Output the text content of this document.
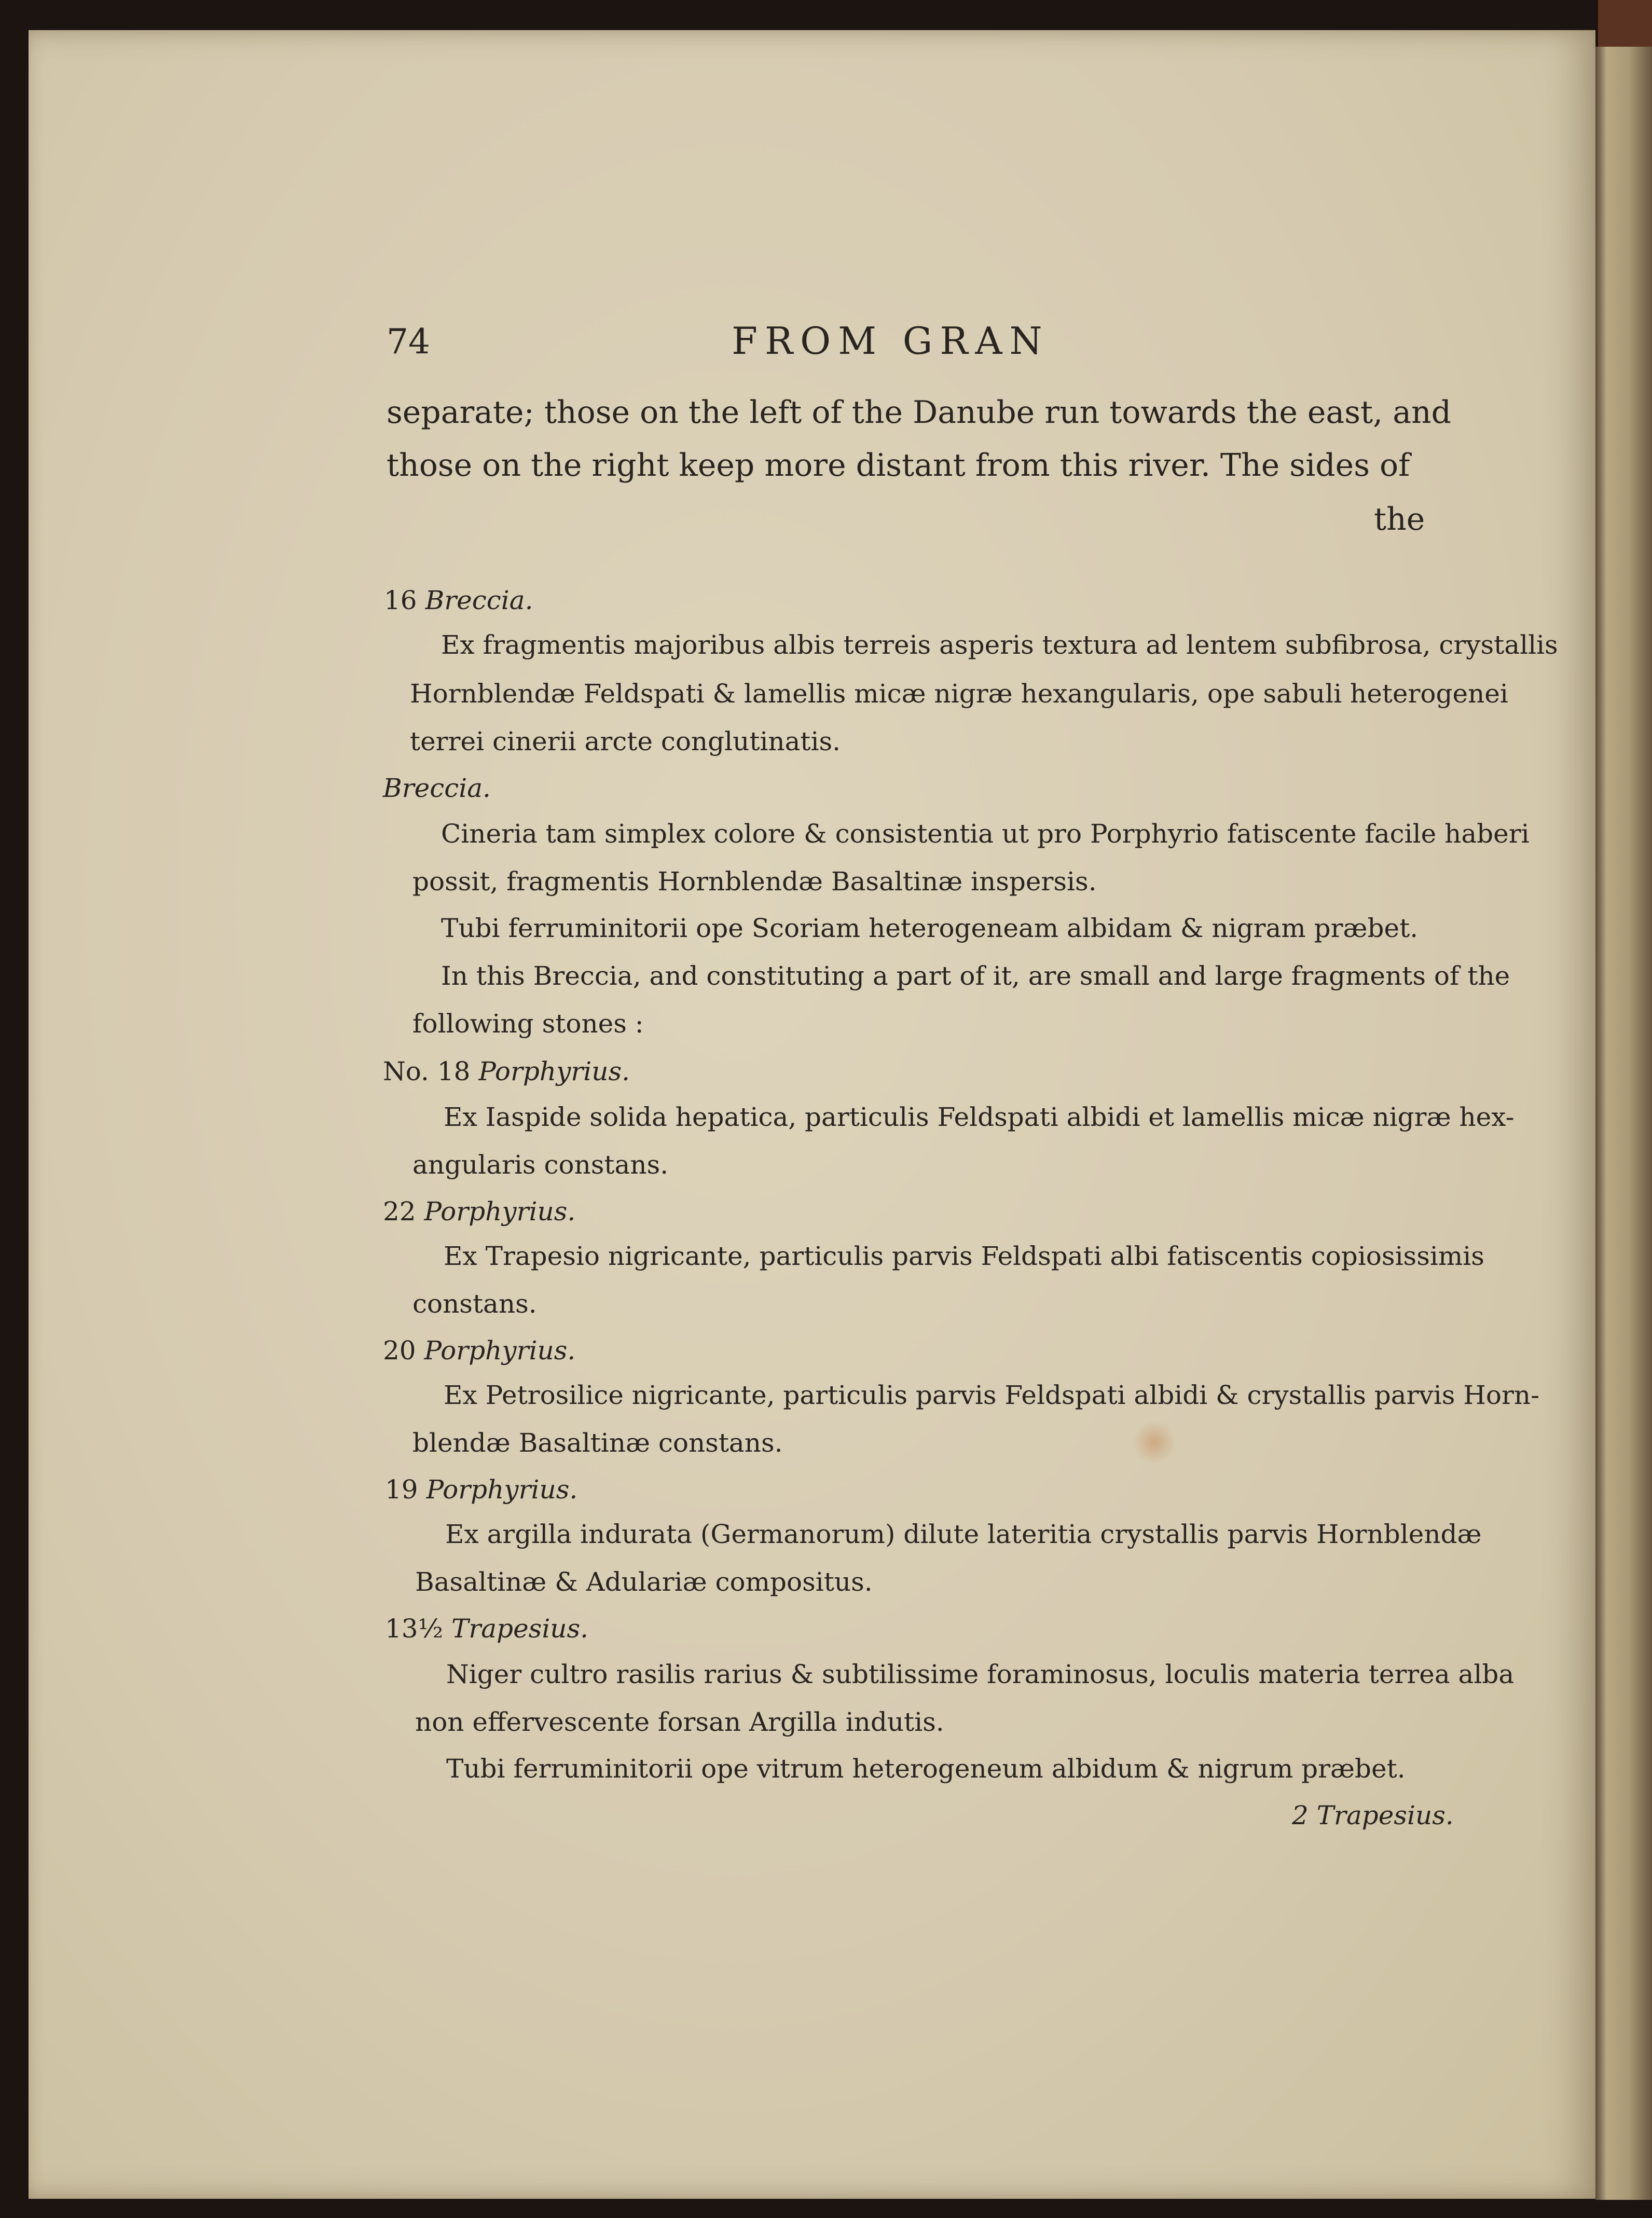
74	FROM GRAN
separate; those on the left of the Danube run towards the east, and
those on the right keep more distant from this river. The sides of
the
16 Breccia.
Ex fragmentis majoribus albis terreis asperis textura ad lentem subfibrosa, crystallis
Hornblendæ Feldspati & lamellis micæ nigræ hexangularis, ope sabuli heterogenei
terrei cinerii arcte conglutinatis.
Breccia.
Cineria tam simplex colore & consistentia ut pro Porphyrio fatiscente facile haberi
possit, fragmentis Hornblendæ Basaltinæ inspersis.
Tubi ferruminitorii ope Scoriam heterogeneam albidam & nigram præbet.
In this Breccia, and constituting a part of it, are small and large fragments of the
following stones :
No. 18 Porphyrius.
Ex Iaspide solida hepatica, particulis Feldspati albidi et lamellis micæ nigræ hex-
angularis constans.
22 Porphyrius.
Ex Trapesio nigricante, particulis parvis Feldspati albi fatiscentis copiosissimis
constans.
20 Porphyrius.
Ex Petrosilice nigricante, particulis parvis Feldspati albidi & crystallis parvis Horn-
blendæ Basaltinæ constans.
19 Porphyrius.
Ex argilla indurata (Germanorum) dilute lateritia crystallis parvis Hornblendæ
Basaltinæ & Adulariæ compositus.
13½ Trapesius.
Niger cultro rasilis rarius & subtilissime foraminosus, loculis materia terrea alba
non effervescente forsan Argilla indutis.
Tubi ferruminitorii ope vitrum heterogeneum albidum & nigrum præbet.
2 Trapesius.
